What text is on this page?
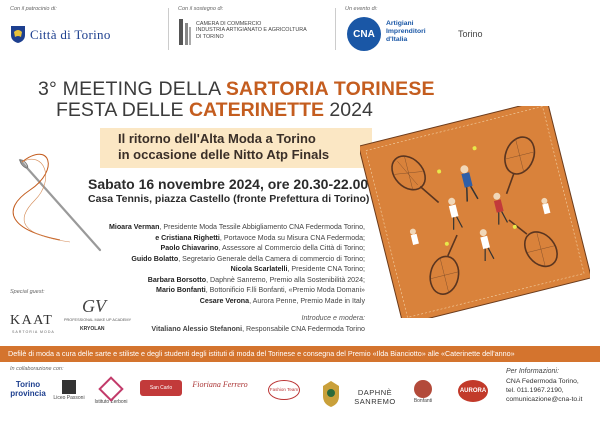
Con il patrocinio di:
Città di Torino
Con il sostegno di:
CAMERA DI COMMERCIO
INDUSTRIA ARTIGIANATO E AGRICOLTURA
DI TORINO
Un evento di:
CNA
Artigiani
Imprenditori
d'Italia
Torino
3° MEETING DELLA SARTORIA TORINESE
FESTA DELLE CATERINETTE 2024
Il ritorno dell'Alta Moda a Torino
in occasione delle Nitto Atp Finals
Sabato 16 novembre 2024, ore 20.30-22.00
Casa Tennis, piazza Castello (fronte Prefettura di Torino)
Mioara Verman, Presidente Moda Tessile Abbigliamento CNA Federmoda Torino,
e Cristiana Righetti, Portavoce Moda su Misura CNA Federmoda;
Paolo Chiavarino, Assessore al Commercio della Città di Torino;
Guido Bolatto, Segretario Generale della Camera di commercio di Torino;
Nicola Scarlatelli, Presidente CNA Torino;
Barbara Borsotto, Daphnè Sanremo, Premio alla Sostenibilità 2024;
Mario Bonfanti, Bottonificio F.lli Bonfanti, «Premio Moda Domani»
Cesare Verona, Aurora Penne, Premio Made in Italy
Introduce e modera:
Vitaliano Alessio Stefanoni, Responsabile CNA Federmoda Torino
Special guest:
KAAT
SARTORIA MODA
GV
PROFESSIONAL MAKE UP ACADEMY
KRYOLAN
Defilè di moda a cura delle sarte e stiliste e degli studenti degli istituti di moda del Torinese e consegna del Premio «Ilda Bianciotto» alle «Caterinette dell'anno»
In collaborazione con:
Torino provincia Liceo Passoni
Istituto Zerboni
San Carlo	Fioriana Ferrero
Fashion Team	DAPHNÈ SANREMO	Bonfanti
AURORA
Per Informazioni:
CNA Federmoda Torino,
tel. 011.1967.2190,
comunicazione@cna-to.it
